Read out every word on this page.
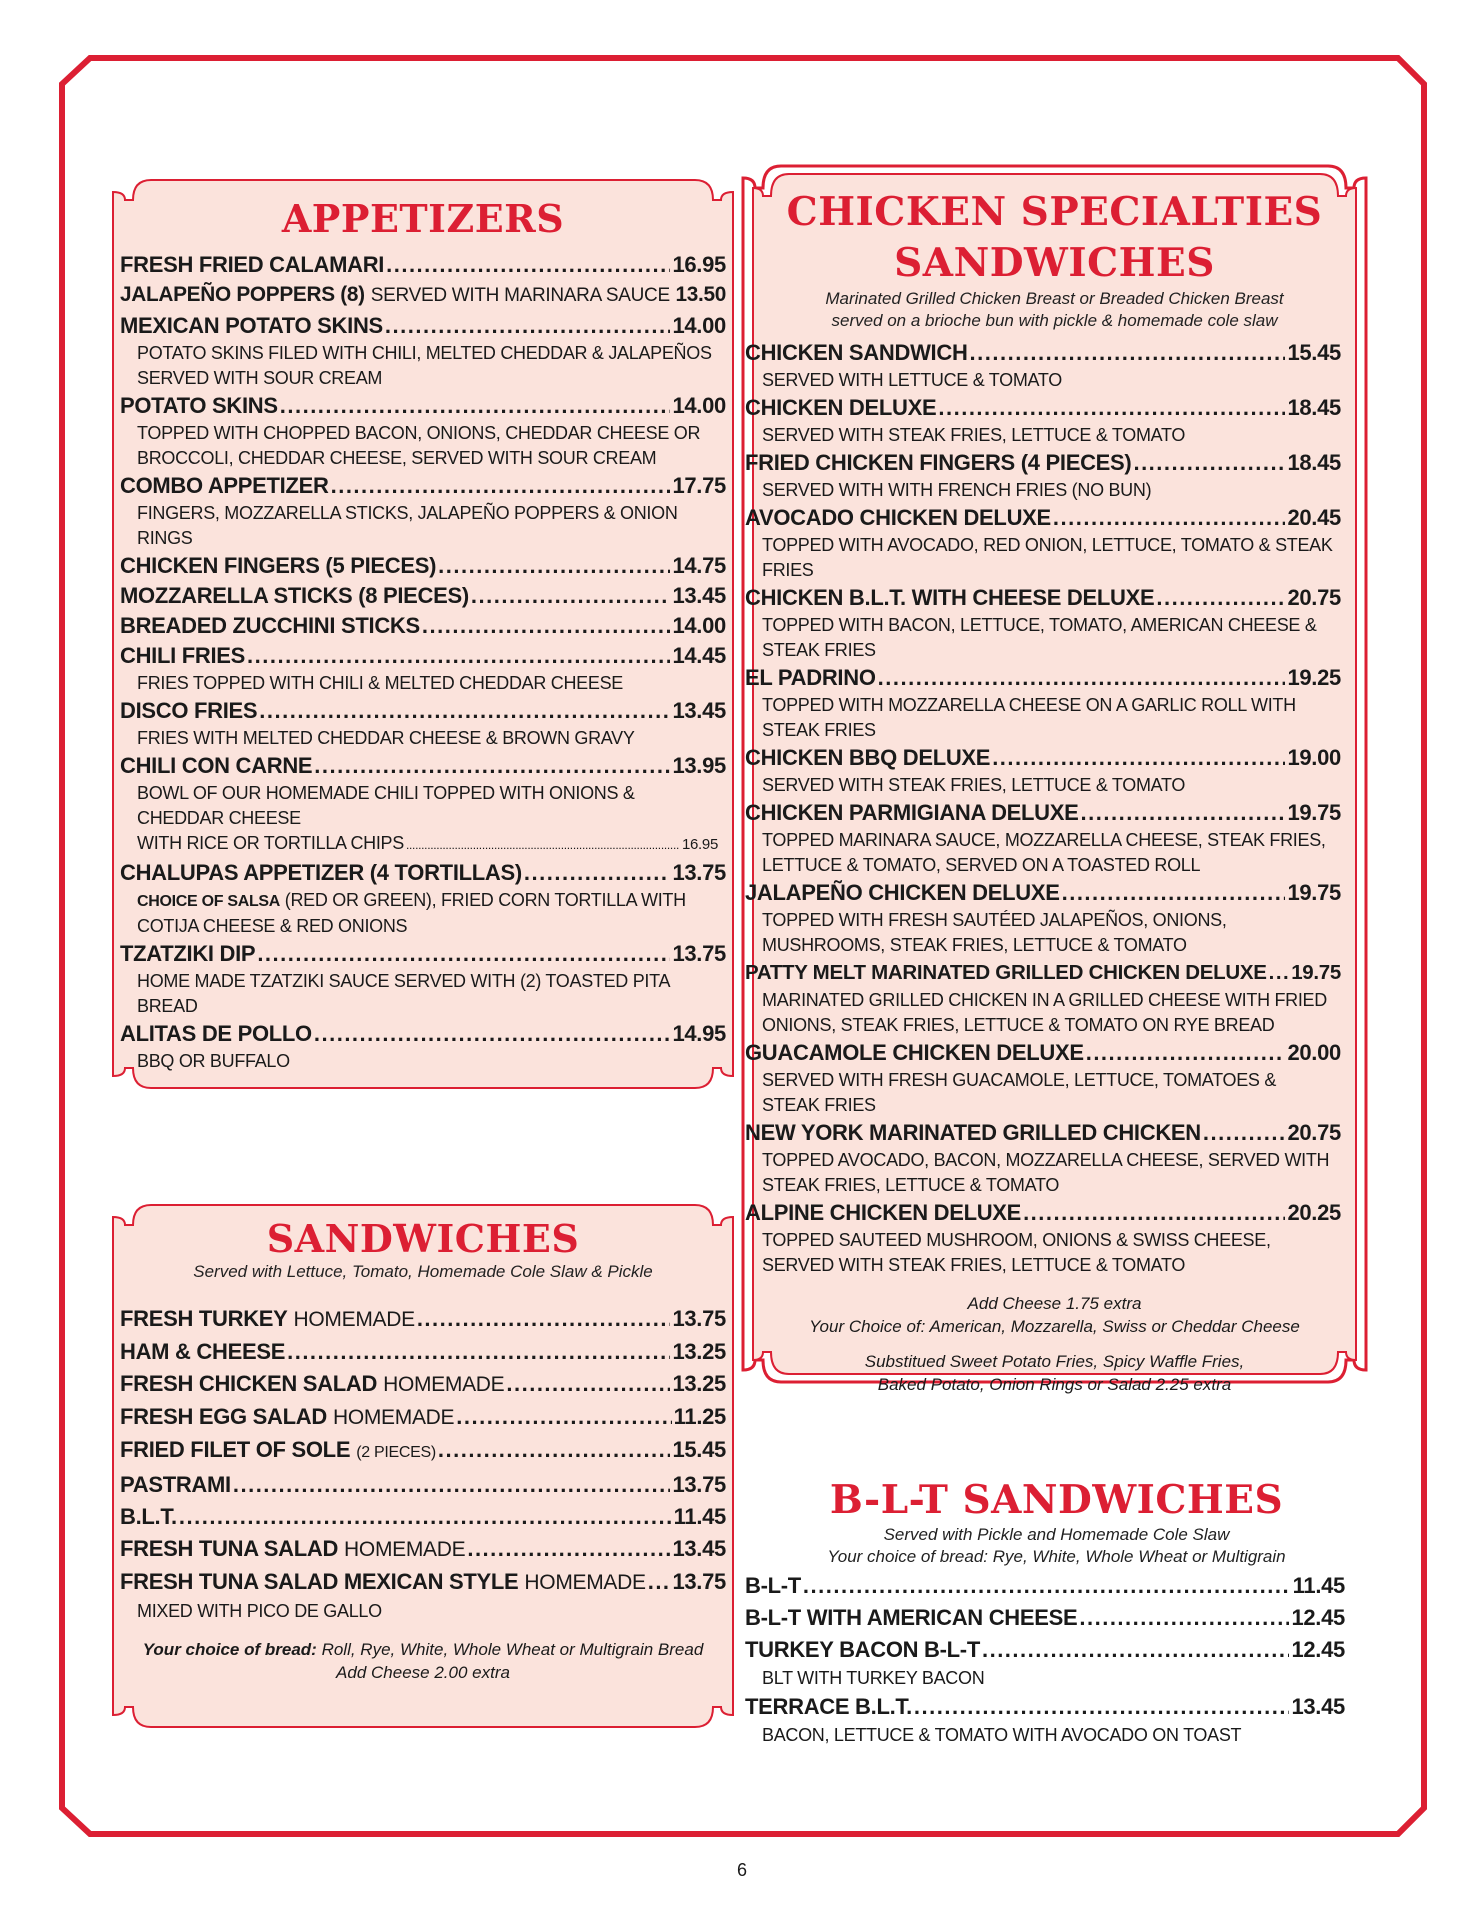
APPETIZERS
FRESH FRIED CALAMARI .....	16.95
JALAPEÑO POPPERS (8) SERVED WITH MARINARA SAUCE ..... 13.50
MEXICAN POTATO SKINS .....	14.00
POTATO SKINS FILED WITH CHILI, MELTED CHEDDAR & JALAPEÑOS SERVED WITH SOUR CREAM
POTATO SKINS .....	14.00
TOPPED WITH CHOPPED BACON, ONIONS, CHEDDAR CHEESE OR BROCCOLI, CHEDDAR CHEESE, SERVED WITH SOUR CREAM
COMBO APPETIZER .....	17.75
FINGERS, MOZZARELLA STICKS, JALAPEÑO POPPERS & ONION RINGS
CHICKEN FINGERS (5 PIECES) .....	14.75
MOZZARELLA STICKS (8 PIECES) .....	13.45
BREADED ZUCCHINI STICKS .....	14.00
CHILI FRIES .....	14.45
FRIES TOPPED WITH CHILI & MELTED CHEDDAR CHEESE
DISCO FRIES .....	13.45
FRIES WITH MELTED CHEDDAR CHEESE & BROWN GRAVY
CHILI CON CARNE .....	13.95
BOWL OF OUR HOMEMADE CHILI TOPPED WITH ONIONS & CHEDDAR CHEESE
WITH RICE OR TORTILLA CHIPS .....	16.95
CHALUPAS APPETIZER (4 TORTILLAS) .....	13.75
CHOICE OF SALSA (RED OR GREEN), FRIED CORN TORTILLA WITH COTIJA CHEESE & RED ONIONS
TZATZIKI DIP .....	13.75
HOME MADE TZATZIKI SAUCE SERVED WITH (2) TOASTED PITA BREAD
ALITAS DE POLLO .....	14.95
BBQ OR BUFFALO
SANDWICHES
Served with Lettuce, Tomato, Homemade Cole Slaw & Pickle
FRESH TURKEY HOMEMADE .....	13.75
HAM & CHEESE .....	13.25
FRESH CHICKEN SALAD HOMEMADE .....	13.25
FRESH EGG SALAD HOMEMADE .....	11.25
FRIED FILET OF SOLE (2 PIECES) .....	15.45
PASTRAMI .....	13.75
B.L.T. .....	11.45
FRESH TUNA SALAD HOMEMADE .....	13.45
FRESH TUNA SALAD MEXICAN STYLE HOMEMADE ..... 13.75
MIXED WITH PICO DE GALLO
Your choice of bread: Roll, Rye, White, Whole Wheat or Multigrain Bread
Add Cheese 2.00 extra
CHICKEN SPECIALTIES
SANDWICHES
Marinated Grilled Chicken Breast or Breaded Chicken Breast
served on a brioche bun with pickle & homemade cole slaw
CHICKEN SANDWICH .....	15.45
SERVED WITH LETTUCE & TOMATO
CHICKEN DELUXE .....	18.45
SERVED WITH STEAK FRIES, LETTUCE & TOMATO
FRIED CHICKEN FINGERS (4 PIECES) .....	18.45
SERVED WITH WITH FRENCH FRIES (NO BUN)
AVOCADO CHICKEN DELUXE .....	20.45
TOPPED WITH AVOCADO, RED ONION, LETTUCE, TOMATO & STEAK FRIES
CHICKEN B.L.T. WITH CHEESE DELUXE .....	20.75
TOPPED WITH BACON, LETTUCE, TOMATO, AMERICAN CHEESE & STEAK FRIES
EL PADRINO .....	19.25
TOPPED WITH MOZZARELLA CHEESE ON A GARLIC ROLL WITH STEAK FRIES
CHICKEN BBQ DELUXE .....	19.00
SERVED WITH STEAK FRIES, LETTUCE & TOMATO
CHICKEN PARMIGIANA DELUXE .....	19.75
TOPPED MARINARA SAUCE, MOZZARELLA CHEESE, STEAK FRIES, LETTUCE & TOMATO, SERVED ON A TOASTED ROLL
JALAPEÑO CHICKEN DELUXE .....	19.75
TOPPED WITH FRESH SAUTÉED JALAPEÑOS, ONIONS, MUSHROOMS, STEAK FRIES, LETTUCE & TOMATO
PATTY MELT MARINATED GRILLED CHICKEN DELUXE ..... 19.75
MARINATED GRILLED CHICKEN IN A GRILLED CHEESE WITH FRIED ONIONS, STEAK FRIES, LETTUCE & TOMATO ON RYE BREAD
GUACAMOLE CHICKEN DELUXE .....	20.00
SERVED WITH FRESH GUACAMOLE, LETTUCE, TOMATOES & STEAK FRIES
NEW YORK MARINATED GRILLED CHICKEN .....	20.75
TOPPED AVOCADO, BACON, MOZZARELLA CHEESE, SERVED WITH STEAK FRIES, LETTUCE & TOMATO
ALPINE CHICKEN DELUXE .....	20.25
TOPPED SAUTEED MUSHROOM, ONIONS & SWISS CHEESE, SERVED WITH STEAK FRIES, LETTUCE & TOMATO
Add Cheese 1.75 extra
Your Choice of: American, Mozzarella, Swiss or Cheddar Cheese
Substitued Sweet Potato Fries, Spicy Waffle Fries,
Baked Potato, Onion Rings or Salad 2.25 extra
B-L-T SANDWICHES
Served with Pickle and Homemade Cole Slaw
Your choice of bread: Rye, White, Whole Wheat or Multigrain
B-L-T .....	11.45
B-L-T WITH AMERICAN CHEESE .....	12.45
TURKEY BACON B-L-T .....	12.45
BLT WITH TURKEY BACON
TERRACE B.L.T. .....	13.45
BACON, LETTUCE & TOMATO WITH AVOCADO ON TOAST
6
